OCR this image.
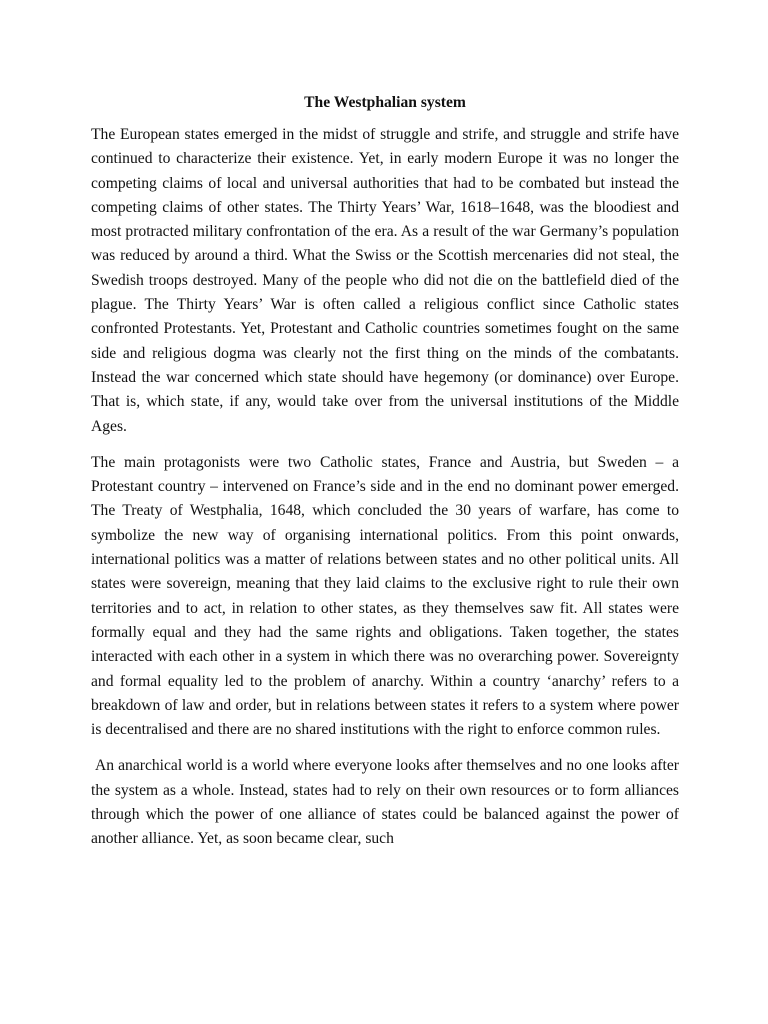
The Westphalian system

The European states emerged in the midst of struggle and strife, and struggle and strife have continued to characterize their existence. Yet, in early modern Europe it was no longer the competing claims of local and universal authorities that had to be combated but instead the competing claims of other states. The Thirty Years’ War, 1618–1648, was the bloodiest and most protracted military confrontation of the era. As a result of the war Germany’s population was reduced by around a third. What the Swiss or the Scottish mercenaries did not steal, the Swedish troops destroyed. Many of the people who did not die on the battlefield died of the plague. The Thirty Years’ War is often called a religious conflict since Catholic states confronted Protestants. Yet, Protestant and Catholic countries sometimes fought on the same side and religious dogma was clearly not the first thing on the minds of the combatants. Instead the war concerned which state should have hegemony (or dominance) over Europe. That is, which state, if any, would take over from the universal institutions of the Middle Ages.

The main protagonists were two Catholic states, France and Austria, but Sweden – a Protestant country – intervened on France’s side and in the end no dominant power emerged. The Treaty of Westphalia, 1648, which concluded the 30 years of warfare, has come to symbolize the new way of organising international politics. From this point onwards, international politics was a matter of relations between states and no other political units. All states were sovereign, meaning that they laid claims to the exclusive right to rule their own territories and to act, in relation to other states, as they themselves saw fit. All states were formally equal and they had the same rights and obligations. Taken together, the states interacted with each other in a system in which there was no overarching power. Sovereignty and formal equality led to the problem of anarchy. Within a country ‘anarchy’ refers to a breakdown of law and order, but in relations between states it refers to a system where power is decentralised and there are no shared institutions with the right to enforce common rules.

An anarchical world is a world where everyone looks after themselves and no one looks after the system as a whole. Instead, states had to rely on their own resources or to form alliances through which the power of one alliance of states could be balanced against the power of another alliance. Yet, as soon became clear, such
